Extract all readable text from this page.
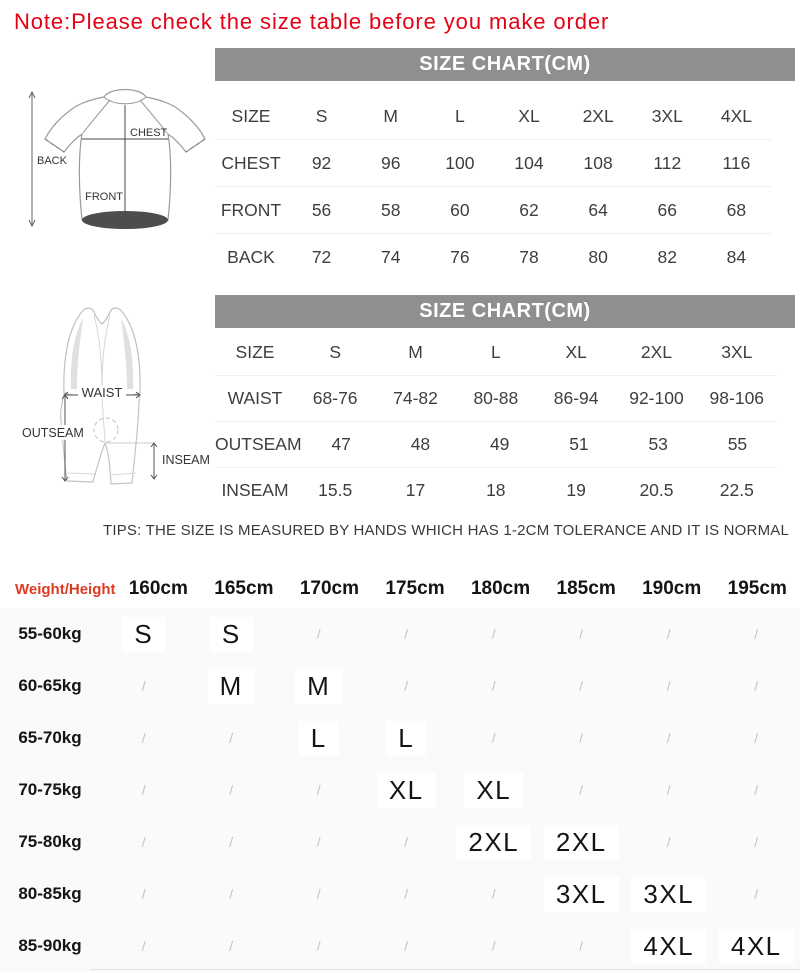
Note:Please check the size table before you make order
CHEST
FRONT
BACK
SIZE CHART(CM)
SIZE	S	M	L	XL	2XL	3XL	4XL
CHEST	92	96	100	104	108	112	116
FRONT	56	58	60	62	64	66	68
BACK	72	74	76	78	80	82	84
WAIST
OUTSEAM
INSEAM
SIZE CHART(CM)
SIZE	S	M	L	XL	2XL	3XL
WAIST	68-76	74-82	80-88	86-94	92-100	98-106
OUTSEAM	47	48	49	51	53	55
INSEAM	15.5	17	18	19	20.5	22.5
TIPS: THE SIZE IS MEASURED BY HANDS WHICH HAS 1-2CM TOLERANCE AND IT IS NORMAL
Weight/Height 160cm	165cm	170cm	175cm	180cm	185cm	190cm	195cm
55-60kg	S	S	/	/	/	/	/	/
60-65kg	/	M	M	/	/	/	/	/
65-70kg	/	/	L	L	/	/	/	/
70-75kg	/	/	/	XL	XL	/	/	/
75-80kg	/	/	/	/	2XL	2XL	/	/
80-85kg	/	/	/	/	/	3XL	3XL	/
85-90kg	/	/	/	/	/	/	4XL	4XL
